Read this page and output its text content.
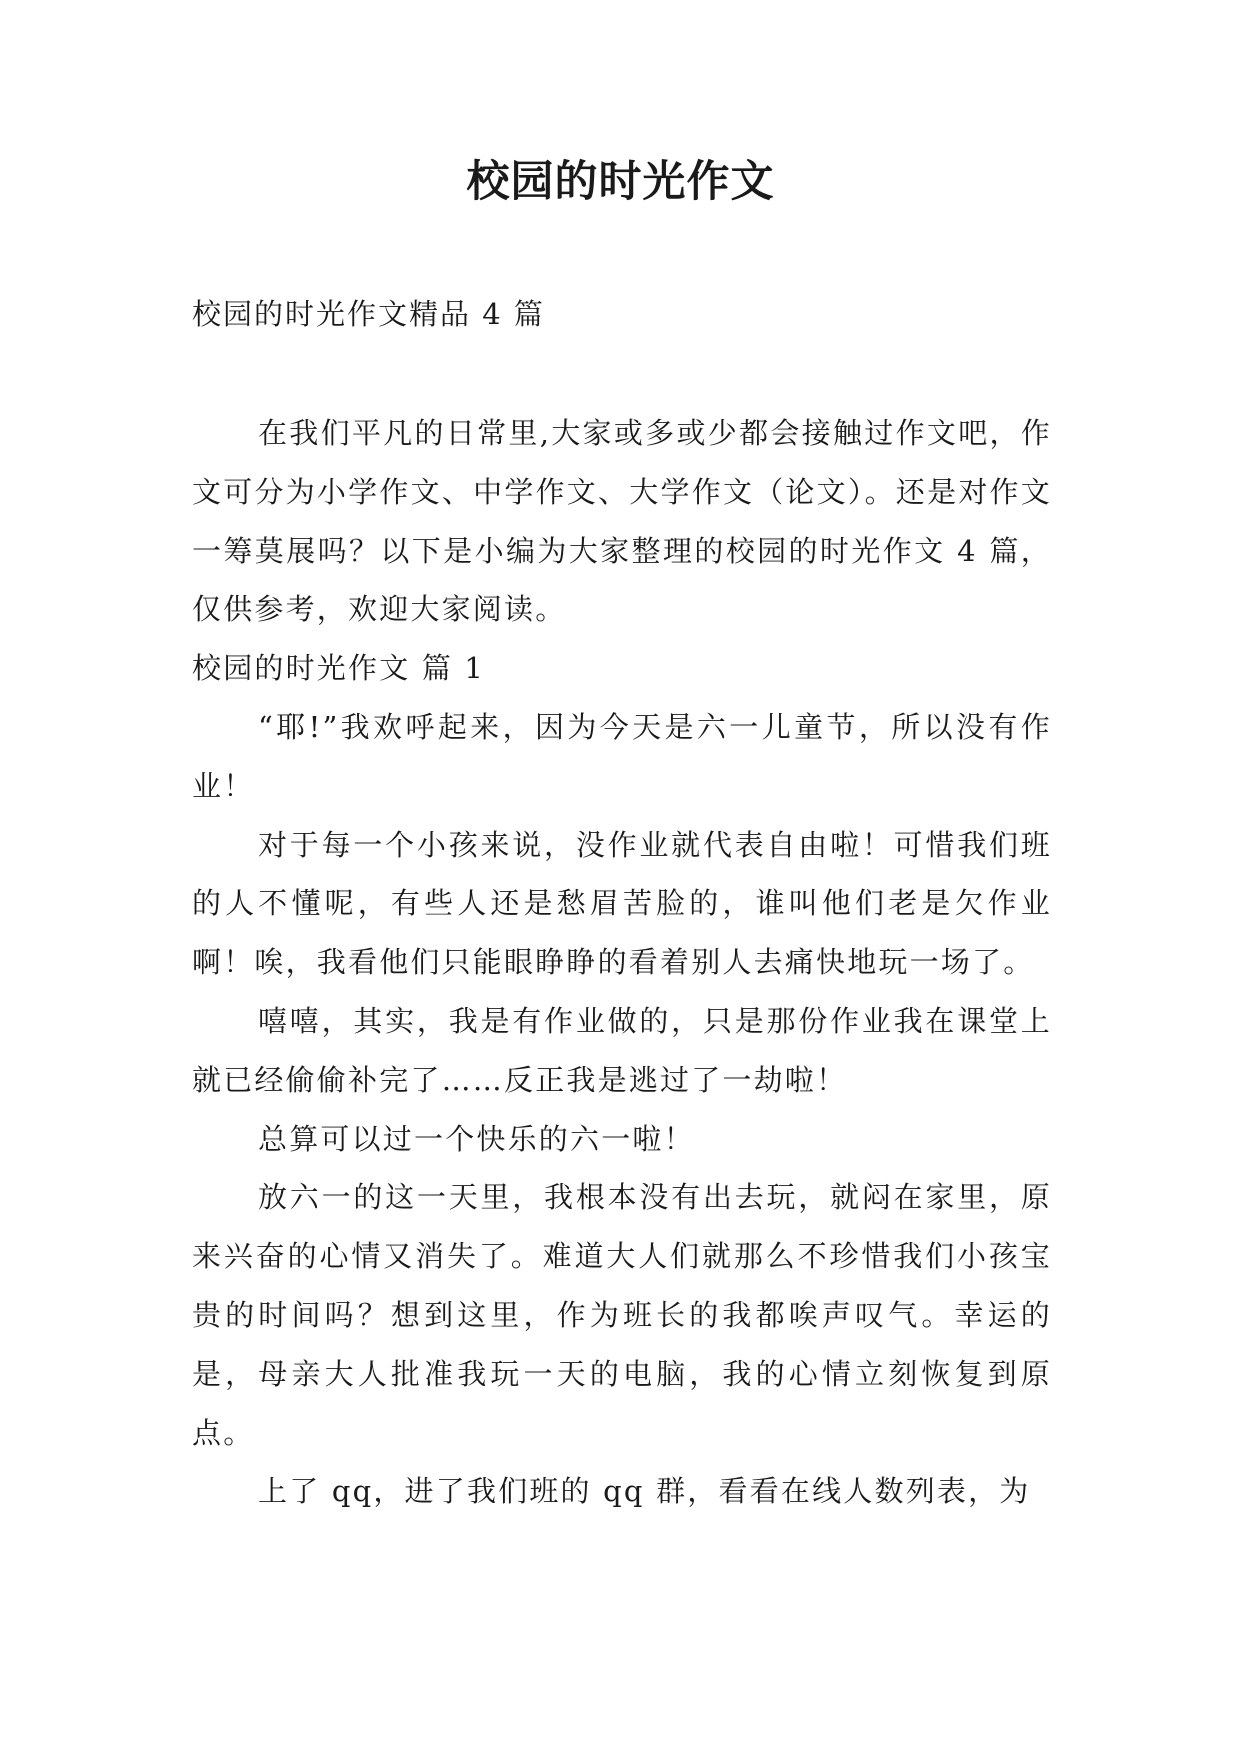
校园的时光作文
校园的时光作文精品 4 篇

在我们平凡的日常里,大家或多或少都会接触过作文吧，作文可分为小学作文、中学作文、大学作文（论文）。还是对作文一筹莫展吗？以下是小编为大家整理的校园的时光作文 4 篇，仅供参考，欢迎大家阅读。

校园的时光作文 篇 1

“耶!”我欢呼起来，因为今天是六一儿童节，所以没有作业！

对于每一个小孩来说，没作业就代表自由啦！可惜我们班的人不懂呢，有些人还是愁眉苦脸的，谁叫他们老是欠作业啊！唉，我看他们只能眼睁睁的看着别人去痛快地玩一场了。

嘻嘻，其实，我是有作业做的，只是那份作业我在课堂上就已经偷偷补完了……反正我是逃过了一劫啦！

总算可以过一个快乐的六一啦！

放六一的这一天里，我根本没有出去玩，就闷在家里，原来兴奋的心情又消失了。难道大人们就那么不珍惜我们小孩宝贵的时间吗？想到这里，作为班长的我都唉声叹气。幸运的是，母亲大人批准我玩一天的电脑，我的心情立刻恢复到原点。

上了 qq，进了我们班的 qq 群，看看在线人数列表，为
